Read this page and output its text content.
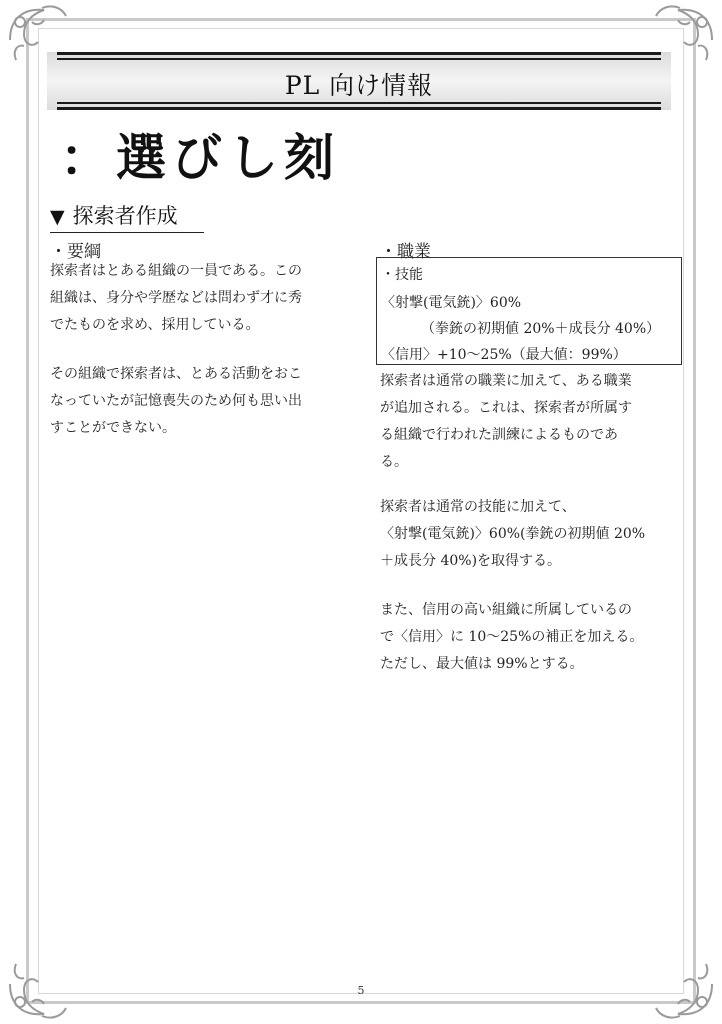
PL 向け情報
：選びし刻
▼ 探索者作成
・要綱
探索者はとある組織の一員である。この
組織は、身分や学歴などは問わず才に秀
でたものを求め、採用している。
その組織で探索者は、とある活動をおこ
なっていたが記憶喪失のため何も思い出
すことができない。
・職業
・技能
〈射撃(電気銃)〉60%
（拳銃の初期値 20%＋成長分 40%）
〈信用〉+10〜25%（最大値：99%）
探索者は通常の職業に加えて、ある職業
が追加される。これは、探索者が所属す
る組織で行われた訓練によるものであ
る。
探索者は通常の技能に加えて、
〈射撃(電気銃)〉60%(拳銃の初期値 20%
＋成長分 40%)を取得する。
また、信用の高い組織に所属しているの
で〈信用〉に 10〜25%の補正を加える。
ただし、最大値は 99%とする。
5
